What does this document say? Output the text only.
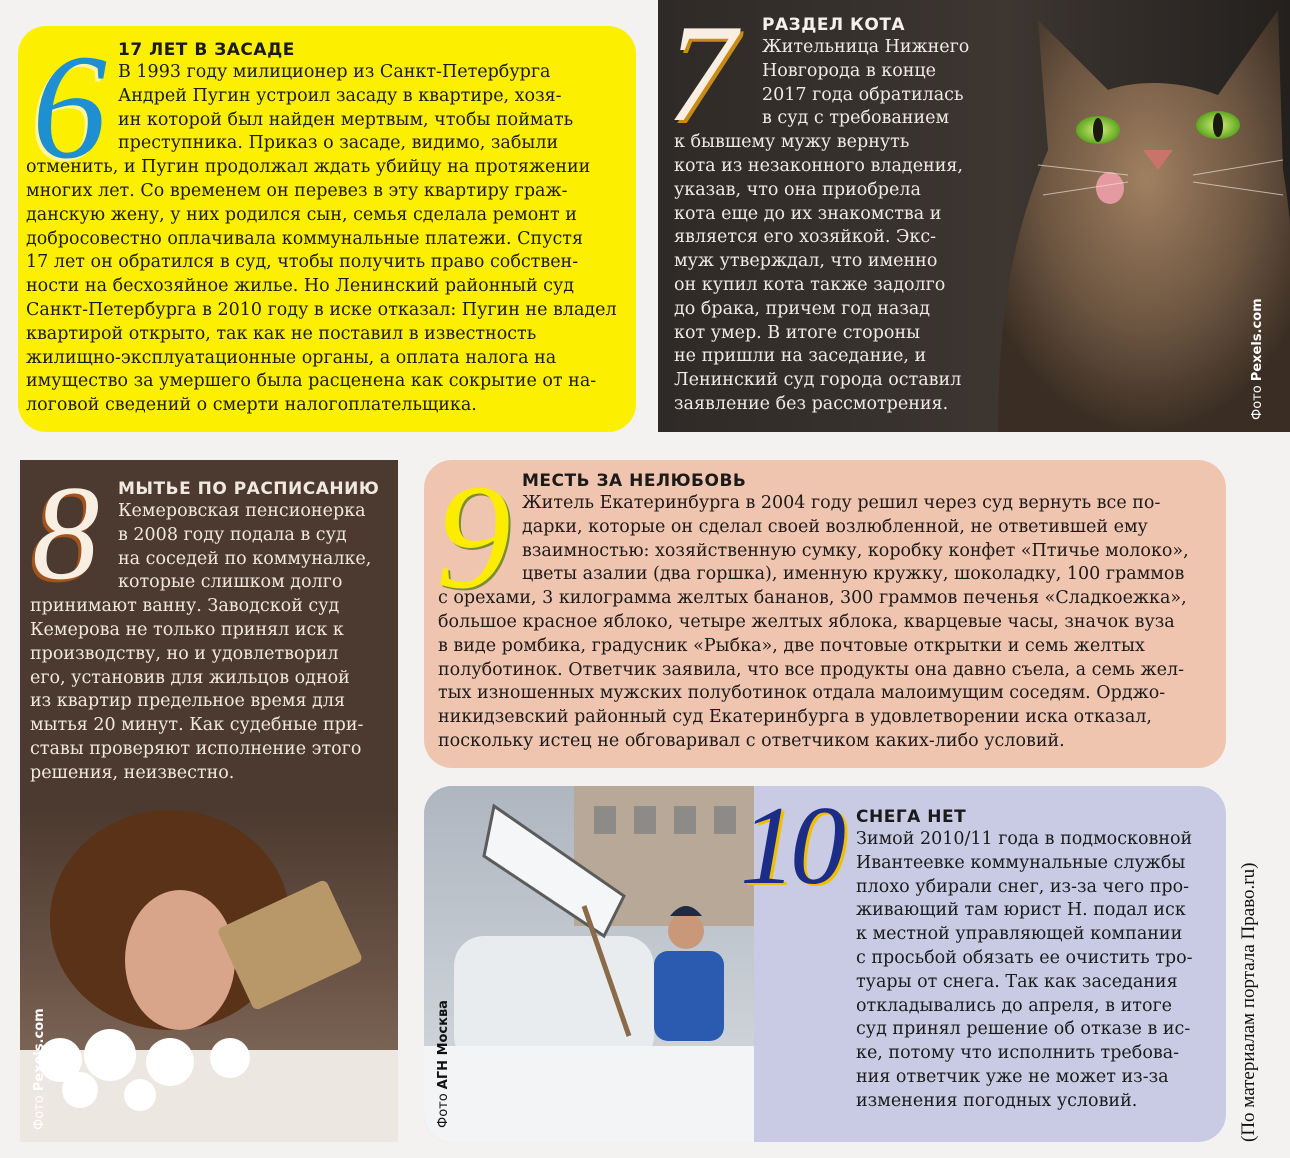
6 17 ЛЕТ В ЗАСАДЕ

В 1993 году милиционер из Санкт-Петербурга
Андрей Пугин устроил засаду в квартире, хозя-
ин которой был найден мертвым, чтобы поймать
преступника. Приказ о засаде, видимо, забыли

отменить, и Пугин продолжал ждать убийцу на протяжении
многих лет. Со временем он перевез в эту квартиру граж-
данскую жену, у них родился сын, семья сделала ремонт и
добросовестно оплачивала коммунальные платежи. Спустя
17 лет он обратился в суд, чтобы получить право собствен-
ности на бесхозяйное жилье. Но Ленинский районный суд
Санкт-Петербурга в 2010 году в иске отказал: Пугин не владел
квартирой открыто, так как не поставил в известность
жилищно-эксплуатационные органы, а оплата налога на
имущество за умершего была расценена как сокрытие от на-
логовой сведений о смерти налогоплательщика.

7 РАЗДЕЛ КОТА

Жительница Нижнего
Новгорода в конце
2017 года обратилась
в суд с требованием

к бывшему мужу вернуть
кота из незаконного владения,
указав, что она приобрела
кота еще до их знакомства и
является его хозяйкой. Экс-
муж утверждал, что именно
он купил кота также задолго
до брака, причем год назад
кот умер. В итоге стороны
не пришли на заседание, и
Ленинский суд города оставил
заявление без рассмотрения.	Фото Pexels.com
8 МЫТЬЕ ПО РАСПИСАНИЮ

Кемеровская пенсионерка
в 2008 году подала в суд
на соседей по коммуналке,
которые слишком долго

принимают ванну. Заводской суд
Кемерова не только принял иск к
производству, но и удовлетворил
его, установив для жильцов одной
из квартир предельное время для
мытья 20 минут. Как судебные при-
ставы проверяют исполнение этого
решения, неизвестно.

Фото Pexels.com
9 МЕСТЬ ЗА НЕЛЮБОВЬ

Житель Екатеринбурга в 2004 году решил через суд вернуть все по-
дарки, которые он сделал своей возлюбленной, не ответившей ему
взаимностью: хозяйственную сумку, коробку конфет «Птичье молоко»,
цветы азалии (два горшка), именную кружку, шоколадку, 100 граммов

с орехами, 3 килограмма желтых бананов, 300 граммов печенья «Сладкоежка»,
большое красное яблоко, четыре желтых яблока, кварцевые часы, значок вуза
в виде ромбика, градусник «Рыбка», две почтовые открытки и семь желтых
полуботинок. Ответчик заявила, что все продукты она давно съела, а семь жел-
тых изношенных мужских полуботинок отдала малоимущим соседям. Орджо-
никидзевский районный суд Екатеринбурга в удовлетворении иска отказал,
поскольку истец не обговаривал с ответчиком каких-либо условий.

10 СНЕГА НЕТ

Зимой 2010/11 года в подмосковной
Ивантеевке коммунальные службы
плохо убирали снег, из-за чего про-
живающий там юрист Н. подал иск
к местной управляющей компании
с просьбой обязать ее очистить тро-
туары от снега. Так как заседания
откладывались до апреля, в итоге
суд принял решение об отказе в ис-
ке, потому что исполнить требова-
ния ответчик уже не может из-за
изменения погодных условий.

Фото АГН Москва	(По материалам портала Право.ru)
